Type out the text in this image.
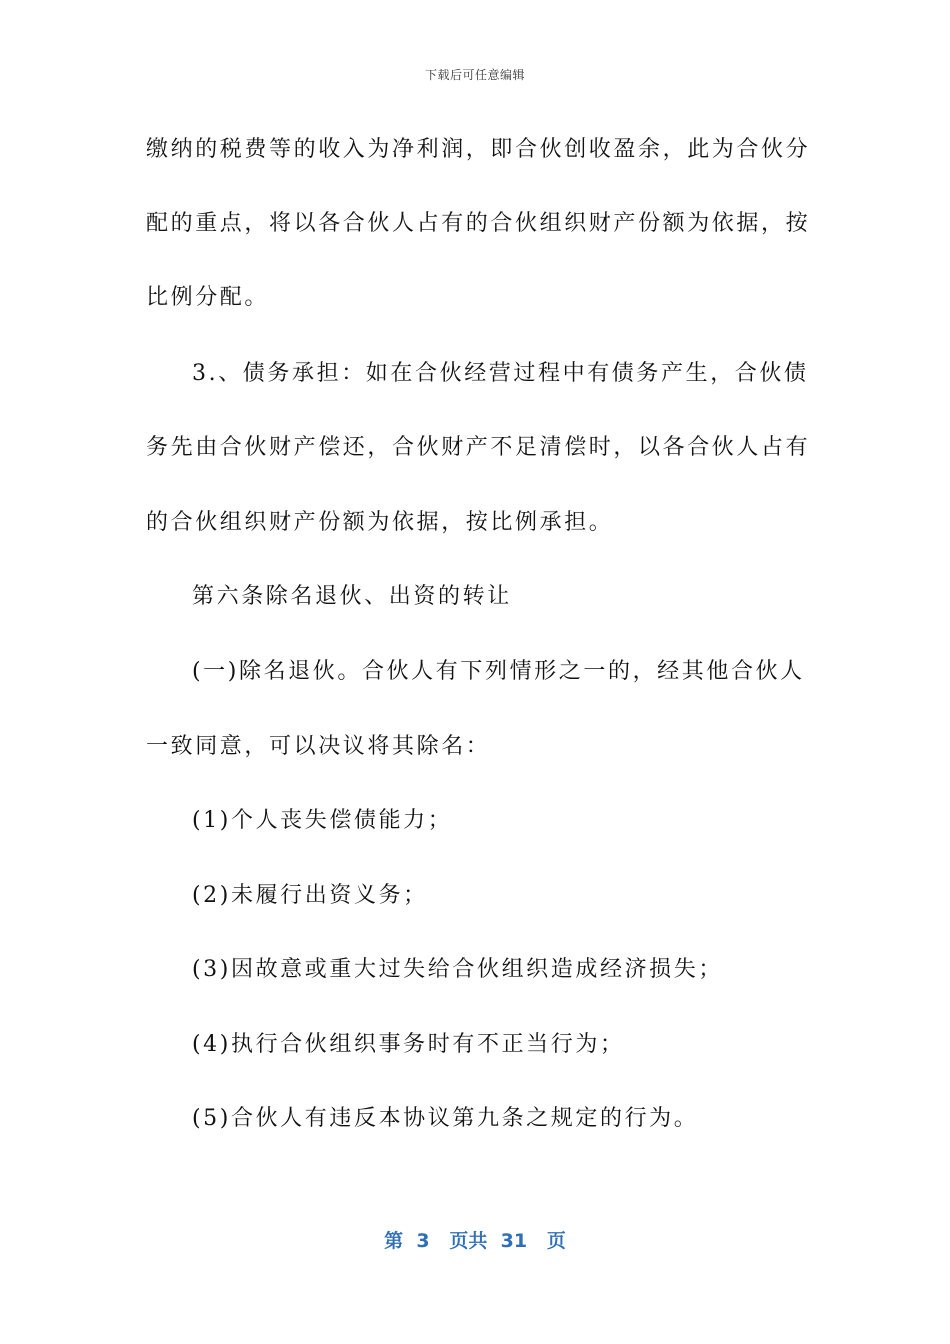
下载后可任意编辑
缴纳的税费等的收入为净利润，即合伙创收盈余，此为合伙分
配的重点，将以各合伙人占有的合伙组织财产份额为依据，按
比例分配。
3.、债务承担：如在合伙经营过程中有债务产生，合伙债
务先由合伙财产偿还，合伙财产不足清偿时，以各合伙人占有
的合伙组织财产份额为依据，按比例承担。
第六条除名退伙、出资的转让
(一)除名退伙。合伙人有下列情形之一的，经其他合伙人
一致同意，可以决议将其除名：
(1)个人丧失偿债能力；
(2)未履行出资义务；
(3)因故意或重大过失给合伙组织造成经济损失；
(4)执行合伙组织事务时有不正当行为；
(5)合伙人有违反本协议第九条之规定的行为。
第  3   页共  31   页
